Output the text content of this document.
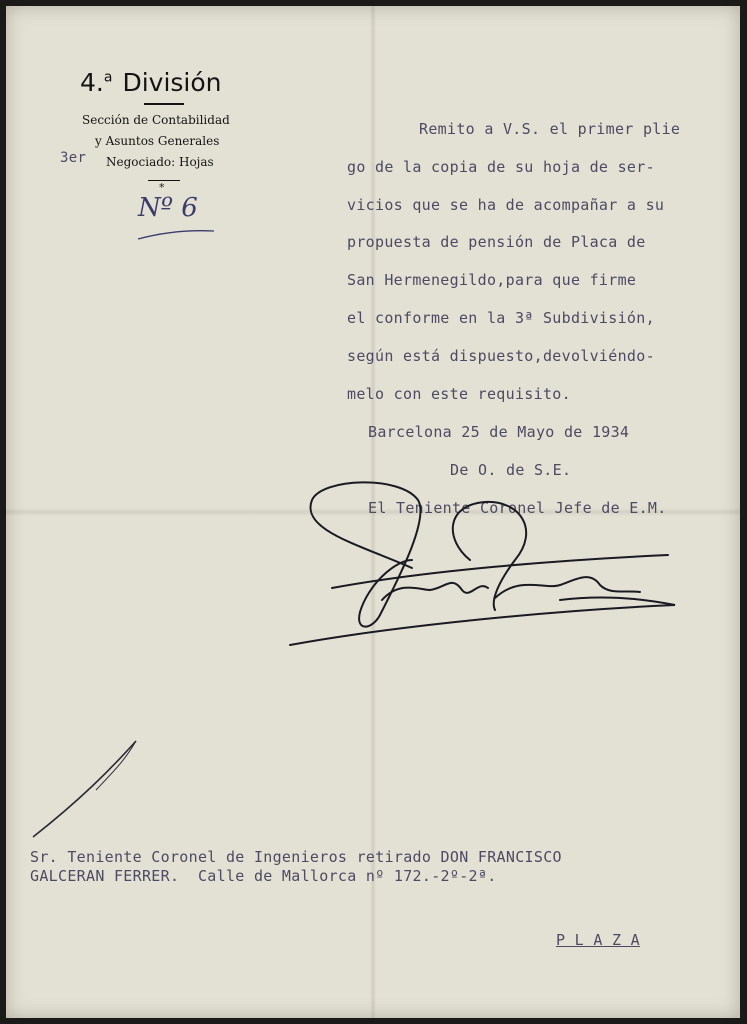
4.$^a$ División
Sección de Contabilidad
y Asuntos Generales
3er Negociado: Hojas
*
Nº 6
Remito a V.S. el primer plie
go de la copia de su hoja de ser-
vicios que se ha de acompañar a su
propuesta de pensión de Placa de
San Hermenegildo,para que firme
el conforme en la 3ª Subdivisión,
según está dispuesto,devolviéndo-
melo con este requisito.
Barcelona 25 de Mayo de 1934
De O. de S.E.
El Teniente Coronel Jefe de E.M.
Sr. Teniente Coronel de Ingenieros retirado DON FRANCISCO
GALCERAN FERRER.  Calle de Mallorca nº 172.-2º-2ª.
P L A Z A
